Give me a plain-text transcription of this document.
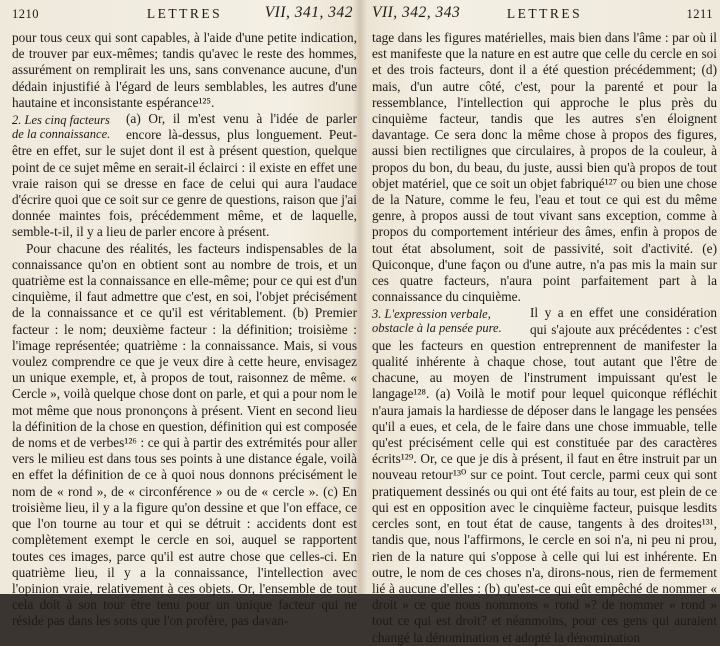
1210	LETTRES	VII, 341, 342

pour tous ceux qui sont capables, à l'aide d'une petite indication, de trouver par eux-mêmes; tandis qu'avec le reste des hommes, assurément on remplirait les uns, sans convenance aucune, d'un dédain injustifié à l'égard de leurs semblables, les autres d'une hautaine et inconsistante espérance¹²⁵.

2. Les cinq facteurs de la connaissance.

(a) Or, il m'est venu à l'idée de parler encore là-dessus, plus longuement. Peut-être en effet, sur le sujet dont il est à présent question, quelque point de ce sujet même en serait-il éclairci : il existe en effet une vraie raison qui se dresse en face de celui qui aura l'audace d'écrire quoi que ce soit sur ce genre de questions, raison que j'ai donnée maintes fois, précédemment même, et de laquelle, semble-t-il, il y a lieu de parler encore à présent.

Pour chacune des réalités, les facteurs indispensables de la connaissance qu'on en obtient sont au nombre de trois, et un quatrième est la connaissance en elle-même; pour ce qui est d'un cinquième, il faut admettre que c'est, en soi, l'objet précisément de la connaissance et ce qu'il est véritablement. (b) Premier facteur : le nom; deuxième facteur : la définition; troisième : l'image représentée; quatrième : la connaissance. Mais, si vous voulez comprendre ce que je veux dire à cette heure, envisagez un unique exemple, et, à propos de tout, raisonnez de même. « Cercle », voilà quelque chose dont on parle, et qui a pour nom le mot même que nous prononçons à présent. Vient en second lieu la définition de la chose en question, définition qui est composée de noms et de verbes¹²⁶ : ce qui à partir des extrémités pour aller vers le milieu est dans tous ses points à une distance égale, voilà en effet la définition de ce à quoi nous donnons précisément le nom de « rond », de « circonférence » ou de « cercle ». (c) En troisième lieu, il y a la figure qu'on dessine et que l'on efface, ce que l'on tourne au tour et qui se détruit : accidents dont est complètement exempt le cercle en soi, auquel se rapportent toutes ces images, parce qu'il est autre chose que celles-ci. En quatrième lieu, il y a la connaissance, l'intellection avec l'opinion vraie, relativement à ces objets. Or, l'ensemble de tout cela doit à son tour être tenu pour un unique facteur qui ne réside pas dans les sons que l'on profère, pas davan-

VII, 342, 343	LETTRES	1211

tage dans les figures matérielles, mais bien dans l'âme : par où il est manifeste que la nature en est autre que celle du cercle en soi et des trois facteurs, dont il a été question précédemment; (d) mais, d'un autre côté, c'est, pour la parenté et pour la ressemblance, l'intellection qui approche le plus près du cinquième facteur, tandis que les autres s'en éloignent davantage. Ce sera donc la même chose à propos des figures, aussi bien rectilignes que circulaires, à propos de la couleur, à propos du bon, du beau, du juste, aussi bien qu'à propos de tout objet matériel, que ce soit un objet fabriqué¹²⁷ ou bien une chose de la Nature, comme le feu, l'eau et tout ce qui est du même genre, à propos aussi de tout vivant sans exception, comme à propos du comportement intérieur des âmes, enfin à propos de tout état absolument, soit de passivité, soit d'activité. (e) Quiconque, d'une façon ou d'une autre, n'a pas mis la main sur ces quatre facteurs, n'aura point parfaitement part à la connaissance du cinquième.

3. L'expression verbale, obstacle à la pensée pure.

Il y a en effet une considération qui s'ajoute aux précédentes : c'est que les facteurs en question entreprennent de manifester la qualité inhérente à chaque chose, tout autant que l'être de chacune, au moyen de l'instrument impuissant qu'est le langage¹²⁸. (a) Voilà le motif pour lequel quiconque réfléchit n'aura jamais la hardiesse de déposer dans le langage les pensées qu'il a eues, et cela, de le faire dans une chose immuable, telle qu'est précisément celle qui est constituée par des caractères écrits¹²⁹. Or, ce que je dis à présent, il faut en être instruit par un nouveau retour¹³⁰ sur ce point. Tout cercle, parmi ceux qui sont pratiquement dessinés ou qui ont été faits au tour, est plein de ce qui est en opposition avec le cinquième facteur, puisque lesdits cercles sont, en tout état de cause, tangents à des droites¹³¹, tandis que, nous l'affirmons, le cercle en soi n'a, ni peu ni prou, rien de la nature qui s'oppose à celle qui lui est inhérente. En outre, le nom de ces choses n'a, dirons-nous, rien de fermement lié à aucune d'elles : (b) qu'est-ce qui eût empêché de nommer « droit » ce que nous nommons « rond »? de nommer « rond » tout ce qui est droit? et néanmoins, pour ces gens qui auraient changé la dénomination et adopté la dénomination
